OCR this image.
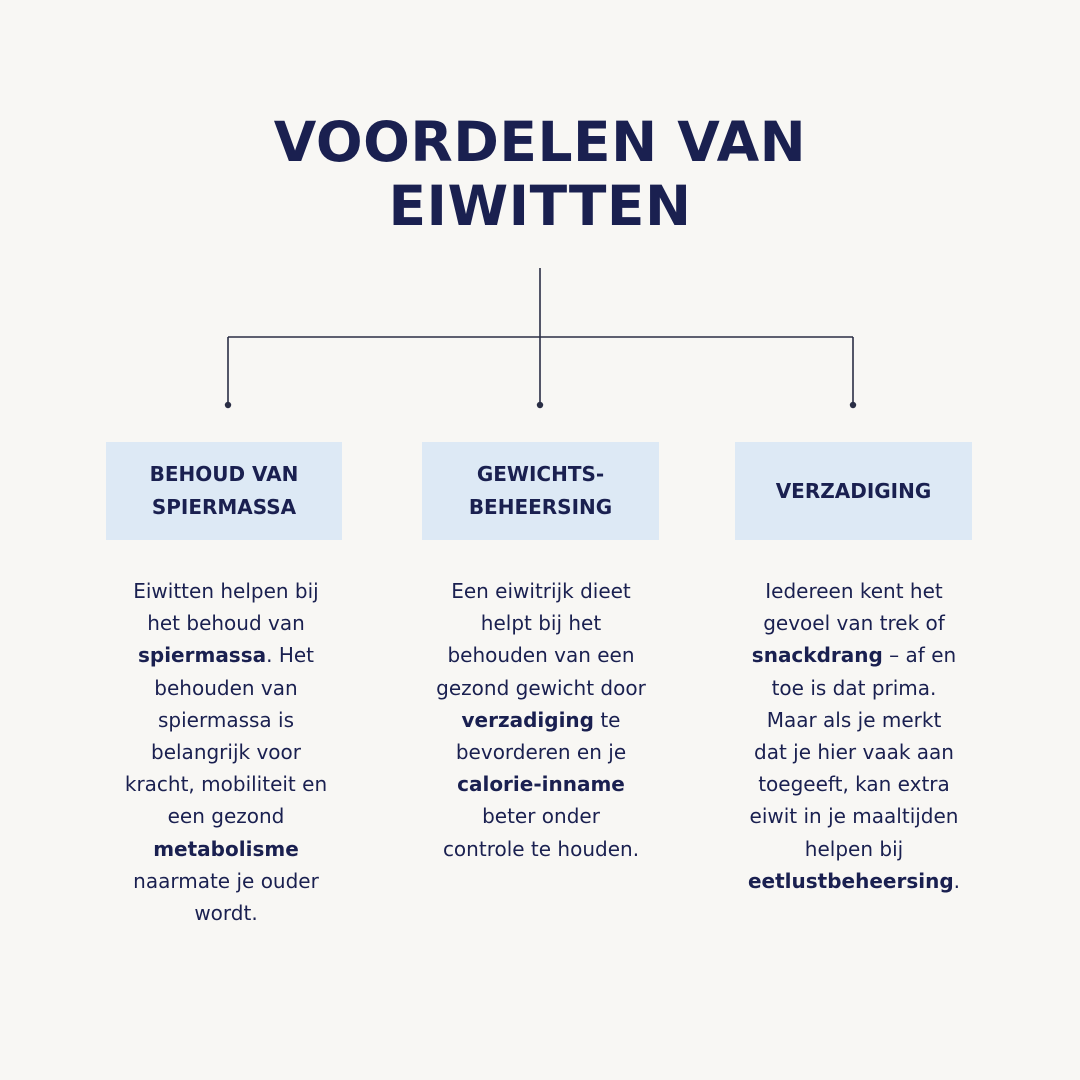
VOORDELEN VAN
EIWITTEN
BEHOUD VAN
SPIERMASSA
GEWICHTS-
BEHEERSING
VERZADIGING
Eiwitten helpen bij
het behoud van
spiermassa. Het
behouden van
spiermassa is
belangrijk voor
kracht, mobiliteit en
een gezond
metabolisme
naarmate je ouder
wordt.
Een eiwitrijk dieet
helpt bij het
behouden van een
gezond gewicht door
verzadiging te
bevorderen en je
calorie-inname
beter onder
controle te houden.
Iedereen kent het
gevoel van trek of
snackdrang – af en
toe is dat prima.
Maar als je merkt
dat je hier vaak aan
toegeeft, kan extra
eiwit in je maaltijden
helpen bij
eetlustbeheersing.
